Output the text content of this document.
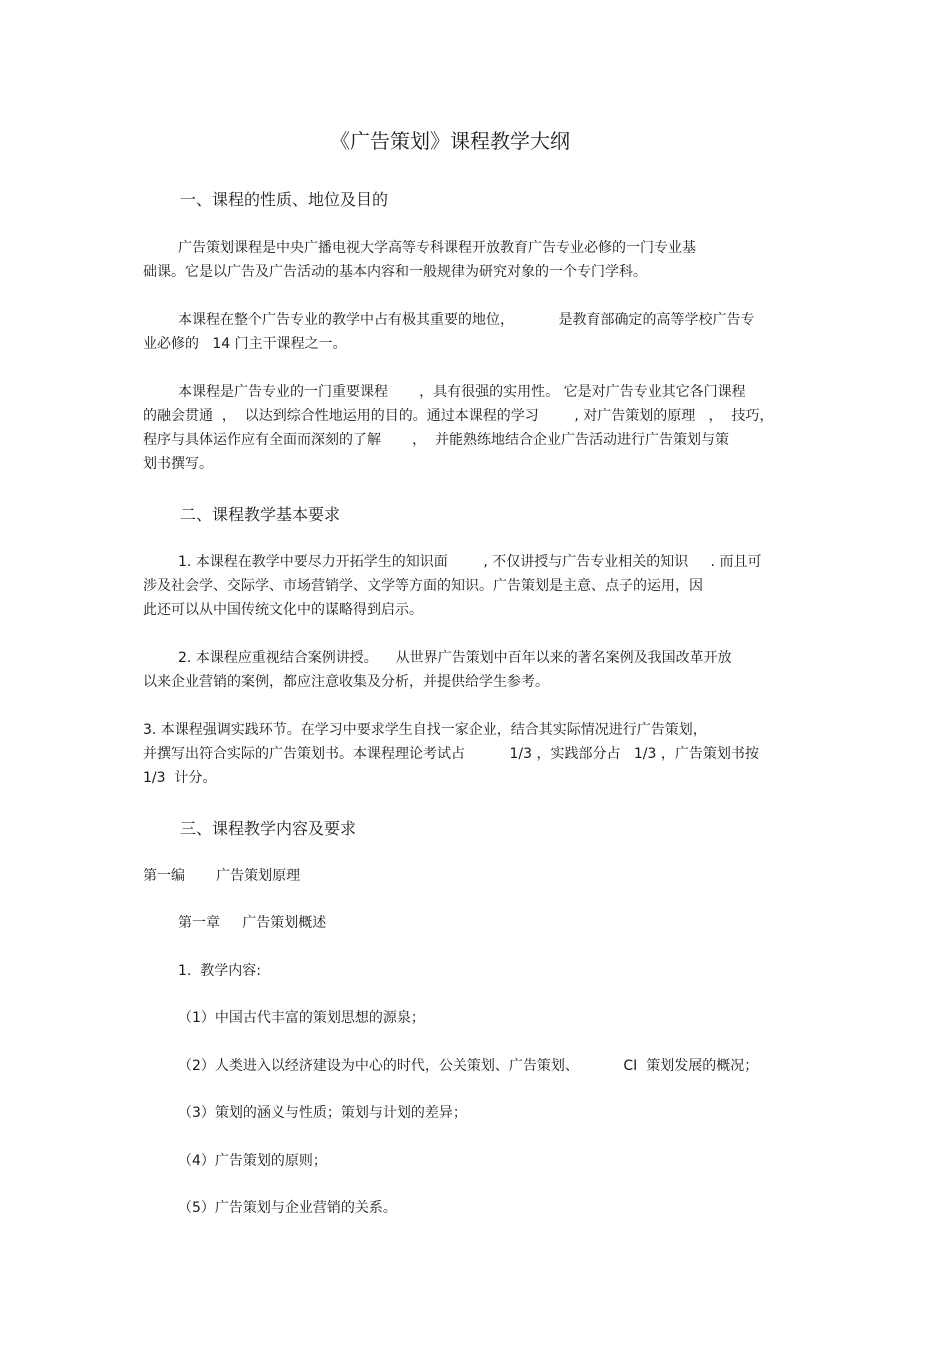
《广告策划》课程教学大纲
一、课程的性质、地位及目的
广告策划课程是中央广播电视大学高等专科课程开放教育广告专业必修的一门专业基
础课。它是以广告及广告活动的基本内容和一般规律为研究对象的一个专门学科。
本课程在整个广告专业的教学中占有极其重要的地位，          是教育部确定的高等学校广告专
业必修的   14 门主干课程之一。
本课程是广告专业的一门重要课程       ，具有很强的实用性。 它是对广告专业其它各门课程
的融会贯通  ，  以达到综合性地运用的目的。通过本课程的学习        , 对广告策划的原理   ，  技巧，
程序与具体运作应有全面而深刻的了解       ，  并能熟练地结合企业广告活动进行广告策划与策
划书撰写。
二、课程教学基本要求
1. 本课程在教学中要尽力开拓学生的知识面        , 不仅讲授与广告专业相关的知识     . 而且可
涉及社会学、交际学、市场营销学、文学等方面的知识。广告策划是主意、点子的运用，因
此还可以从中国传统文化中的谋略得到启示。
2. 本课程应重视结合案例讲授。    从世界广告策划中百年以来的著名案例及我国改革开放
以来企业营销的案例，都应注意收集及分析，并提供给学生参考。
3. 本课程强调实践环节。在学习中要求学生自找一家企业，结合其实际情况进行广告策划，
并撰写出符合实际的广告策划书。本课程理论考试占          1/3 ，实践部分占   1/3 ，广告策划书按
1/3  计分。
三、课程教学内容及要求
第一编       广告策划原理
第一章     广告策划概述
1.  教学内容:
（1）中国古代丰富的策划思想的源泉；
（2）人类进入以经济建设为中心的时代，公关策划、广告策划、          CI  策划发展的概况；
（3）策划的涵义与性质；策划与计划的差异；
（4）广告策划的原则；
（5）广告策划与企业营销的关系。
